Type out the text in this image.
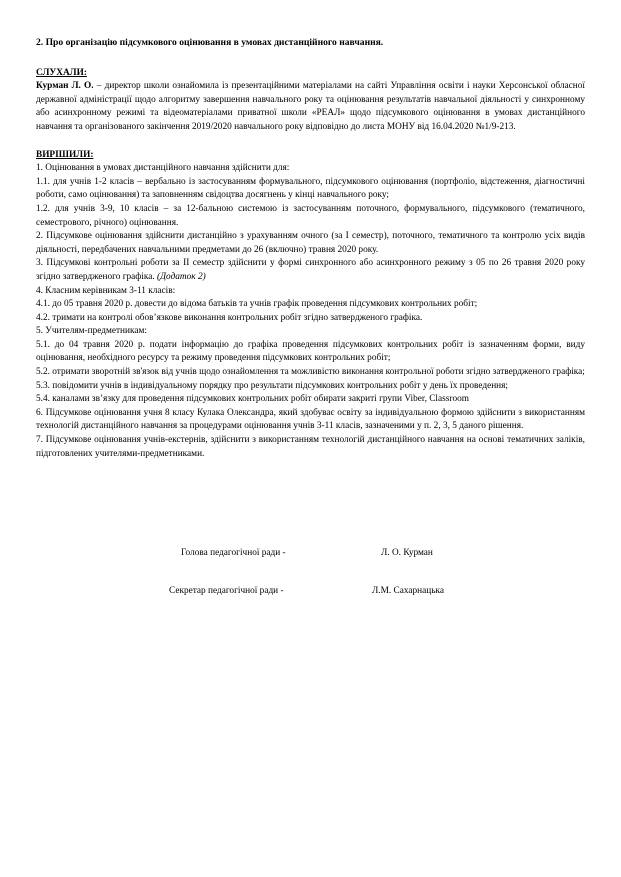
2. Про організацію підсумкового оцінювання в умовах дистанційного навчання.

СЛУХАЛИ:

Курман Л. О. – директор школи ознайомила із презентаційними матеріалами на сайті Управління освіти і науки Херсонської обласної державної адміністрації щодо алгоритму завершення навчального року та оцінювання результатів навчальної діяльності у синхронному або асинхронному режимі та відеоматеріалами приватної школи «РЕАЛ» щодо підсумкового оцінювання в умовах дистанційного навчання та організованого закінчення 2019/2020 навчального року відповідно до листа МОНУ від 16.04.2020 №1/9-213.

ВИРІШИЛИ:

1. Оцінювання в умовах дистанційного навчання здійснити для:

1.1. для учнів 1-2 класів – вербально із застосуванням формувального, підсумкового оцінювання (портфоліо, відстеження, діагностичні роботи, само оцінювання) та заповненням свідоцтва досягнень у кінці навчального року;

1.2. для учнів 3-9, 10 класів – за 12-бальною системою із застосуванням поточного, формувального, підсумкового (тематичного, семестрового, річного) оцінювання.

2. Підсумкове оцінювання здійснити дистанційно з урахуванням очного (за І семестр), поточного, тематичного та контролю усіх видів діяльності, передбачених навчальними предметами до 26 (включно) травня 2020 року.

3. Підсумкові контрольні роботи за ІІ семестр здійснити у формі синхронного або асинхронного режиму з 05 по 26 травня 2020 року згідно затвердженого графіка. (Додаток 2)

4. Класним керівникам 3-11 класів:

4.1. до 05 травня 2020 р. довести до відома батьків та учнів графік проведення підсумкових контрольних робіт;

4.2. тримати на контролі обов’язкове виконання контрольних робіт згідно затвердженого графіка.

5. Учителям-предметникам:

5.1. до 04 травня 2020 р. подати інформацію до графіка проведення підсумкових контрольних робіт із зазначенням форми, виду оцінювання, необхідного ресурсу та режиму проведення підсумкових контрольних робіт;

5.2. отримати зворотній зв'язок від учнів щодо ознайомлення та можливістю виконання контрольної роботи згідно затвердженого графіка;

5.3. повідомити учнів в індивідуальному порядку про результати підсумкових контрольних робіт у день їх проведення;

5.4. каналами зв’язку для проведення підсумкових контрольних робіт обирати закриті групи Viber, Classroom

6. Підсумкове оцінювання учня 8 класу Кулака Олександра, який здобуває освіту за індивідуальною формою здійснити з використанням технологій дистанційного навчання за процедурами оцінювання учнів 3-11 класів, зазначеними у п. 2, 3, 5 даного рішення.

7. Підсумкове оцінювання учнів-екстернів, здійснити з використанням технологій дистанційного навчання на основі тематичних заліків, підготовлених учителями-предметниками.

Голова педагогічної ради -	Л. О. Курман
Секретар педагогічної ради -	Л.М. Сахарнацька
